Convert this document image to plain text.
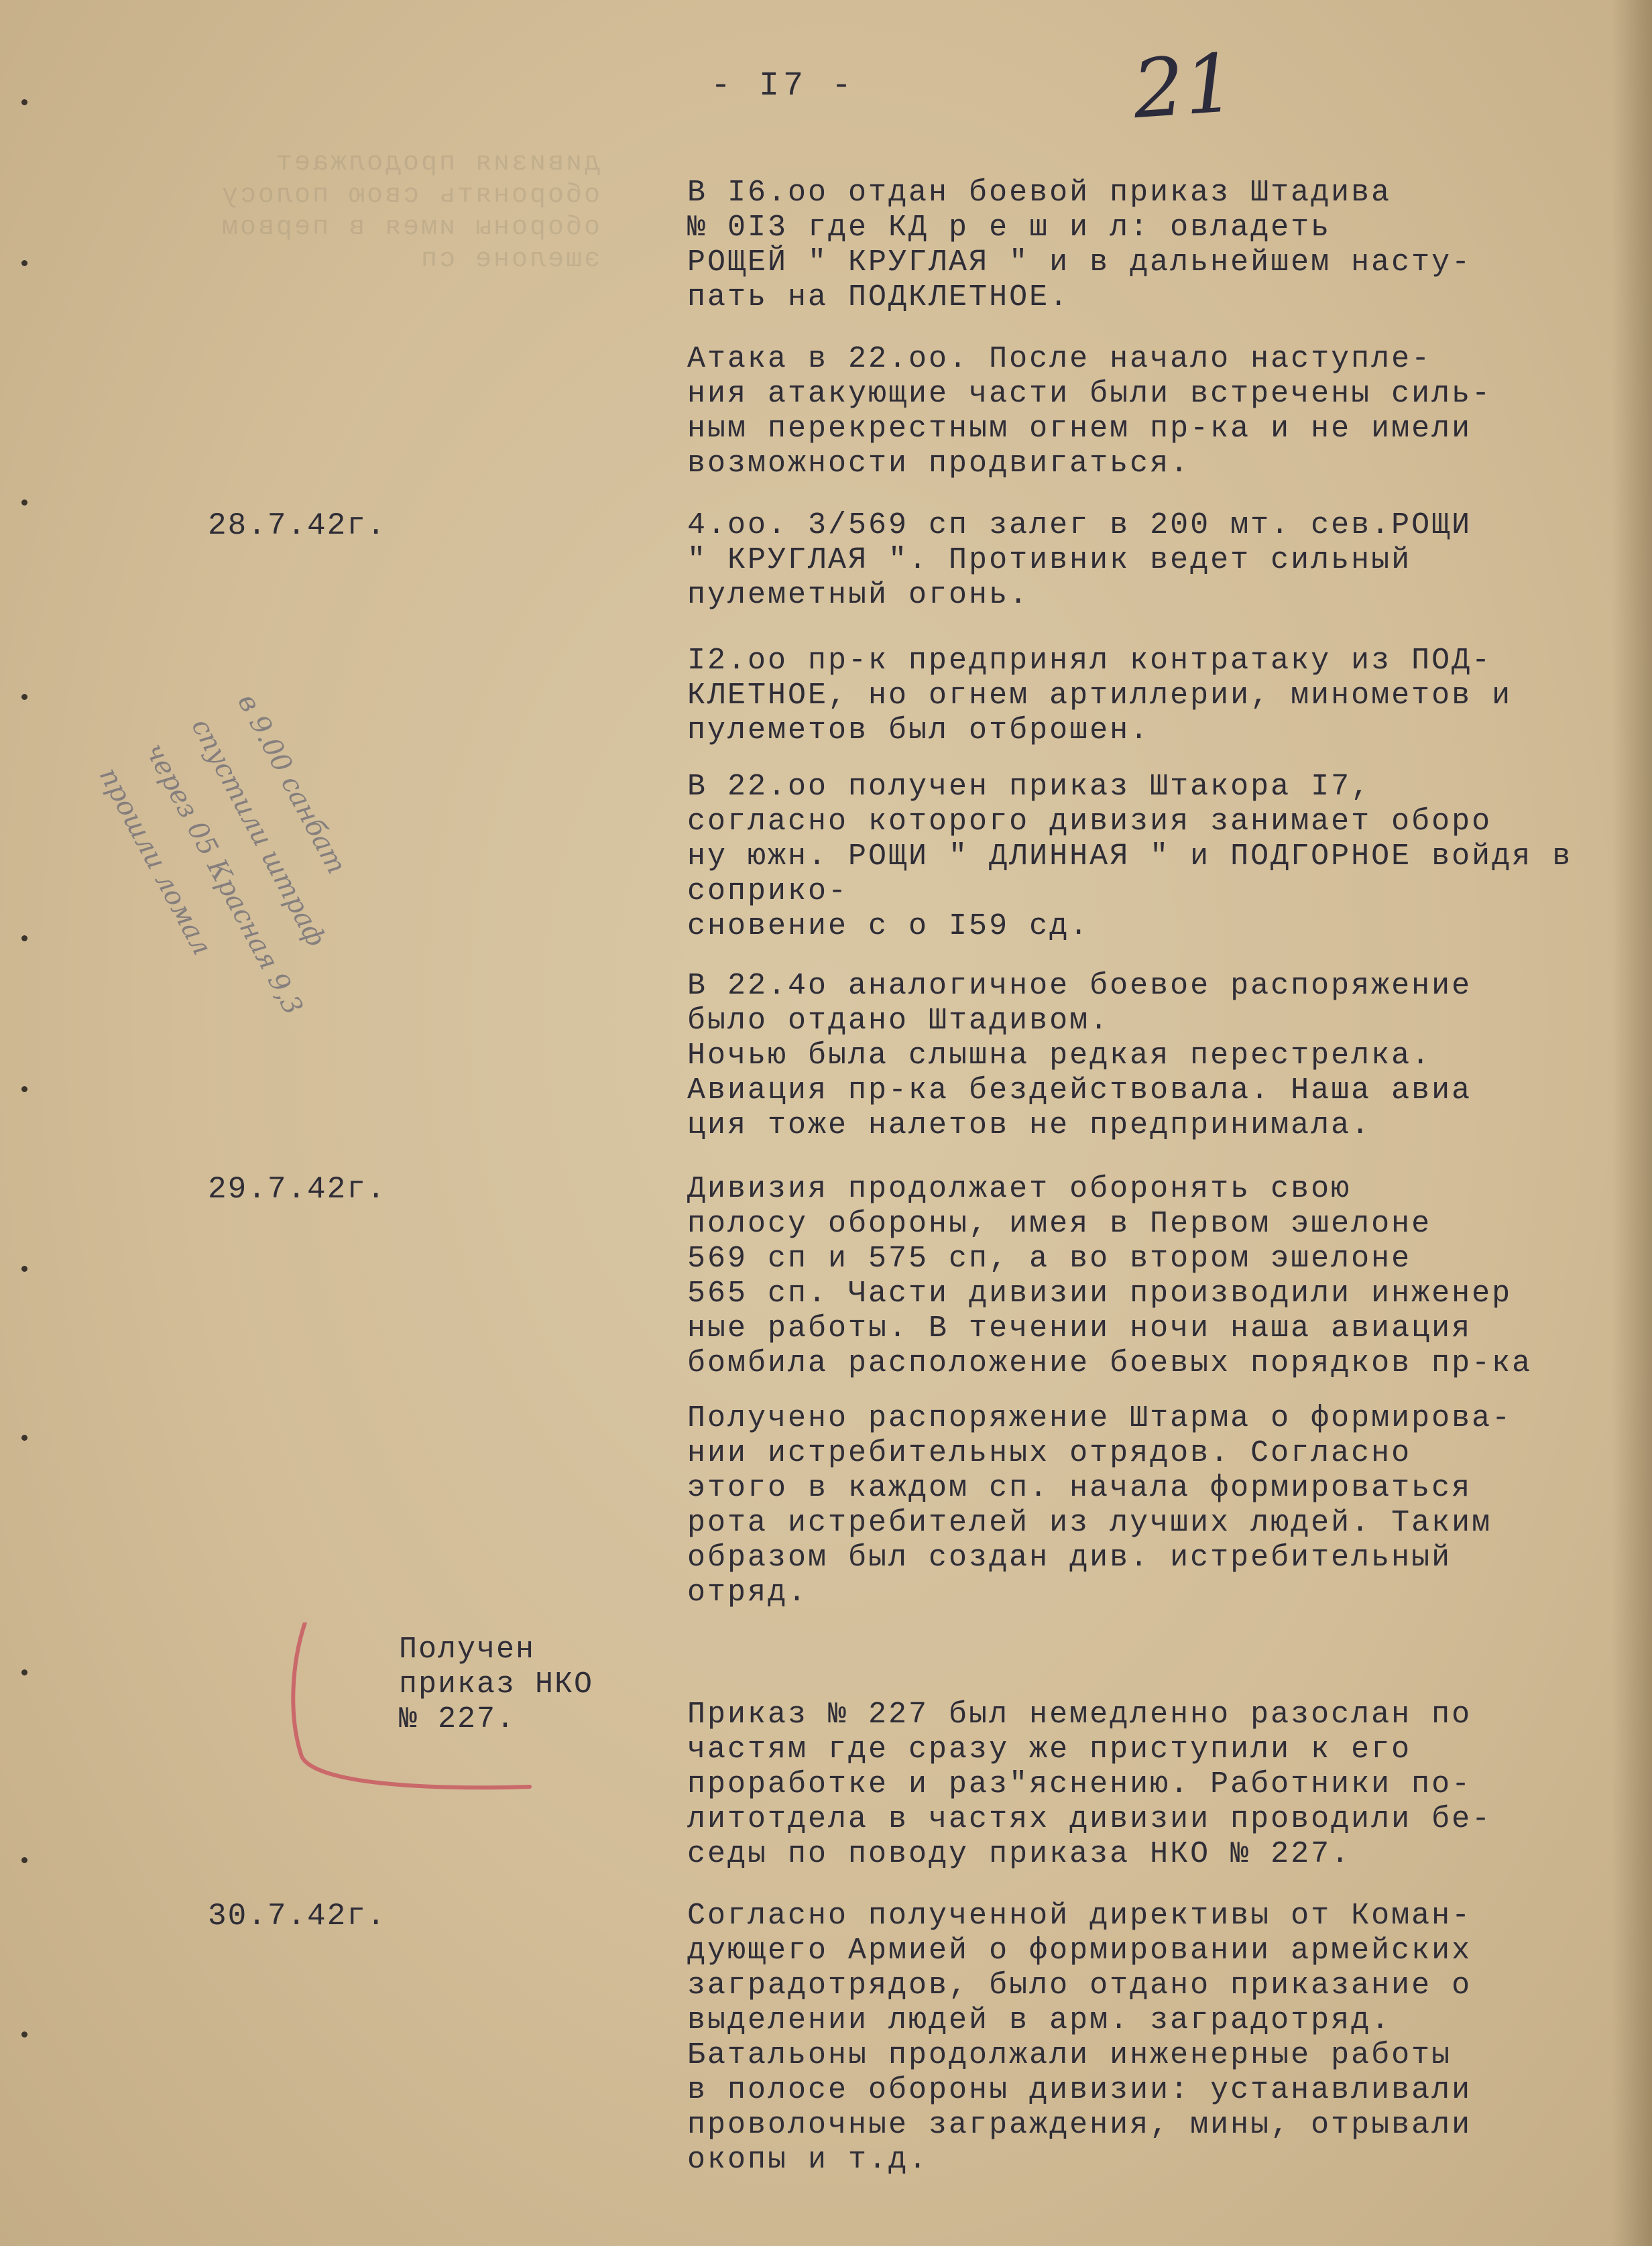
дивизия продолжает
оборонять свою полосу
обороны имея в первом
эшелоне сп
- I7 -	21
В I6.оо отдан боевой приказ Штадива
№ 0I3 где КД р е ш и л: овладеть
РОЩЕЙ " КРУГЛАЯ " и в дальнейшем насту-
пать на ПОДКЛЕТНОЕ.
Атака в 22.оо. После начало наступле-
ния атакующие части были встречены силь-
ным перекрестным огнем пр-ка и не имели
возможности продвигаться.
28.7.42г.	4.оо. 3/569 сп залег в 200 мт. сев.РОЩИ
" КРУГЛАЯ ". Противник ведет сильный
пулеметный огонь.
I2.оо пр-к предпринял контратаку из ПОД-
КЛЕТНОЕ, но огнем артиллерии, минометов и
пулеметов был отброшен.
В 22.оо получен приказ Штакора I7,
согласно которого дивизия занимает оборо
ну южн. РОЩИ " ДЛИННАЯ " и ПОДГОРНОЕ войдя в соприко-
сновение с о I59 сд.
В 22.4о аналогичное боевое распоряжение
было отдано Штадивом.
Ночью была слышна редкая перестрелка.
Авиация пр-ка бездействовала. Наша авиа
ция тоже налетов не предпринимала.
29.7.42г.	Дивизия продолжает оборонять свою
полосу обороны, имея в Первом эшелоне
569 сп и 575 сп, а во втором эшелоне
565 сп. Части дивизии производили инженер
ные работы. В течении ночи наша авиация
бомбила расположение боевых порядков пр-ка
Получено распоряжение Штарма о формирова-
нии истребительных отрядов. Согласно
этого в каждом сп. начала формироваться
рота истребителей из лучших людей. Таким
образом был создан див. истребительный
отряд.
Получен
приказ НКО
№ 227.	Приказ № 227 был немедленно разослан по
частям где сразу же приступили к его
проработке и раз"яснению. Работники по-
литотдела в частях дивизии проводили бе-
седы по поводу приказа НКО № 227.
30.7.42г.	Согласно полученной директивы от Коман-
дующего Армией о формировании армейских
заградотрядов, было отдано приказание о
выделении людей в арм. заградотряд.
Батальоны продолжали инженерные работы
в полосе обороны дивизии: устанавливали
проволочные заграждения, мины, отрывали
окопы и т.д.
в 9.00 санбат
спустили штраф
через 05 Красная 9,3
прошли ломал
